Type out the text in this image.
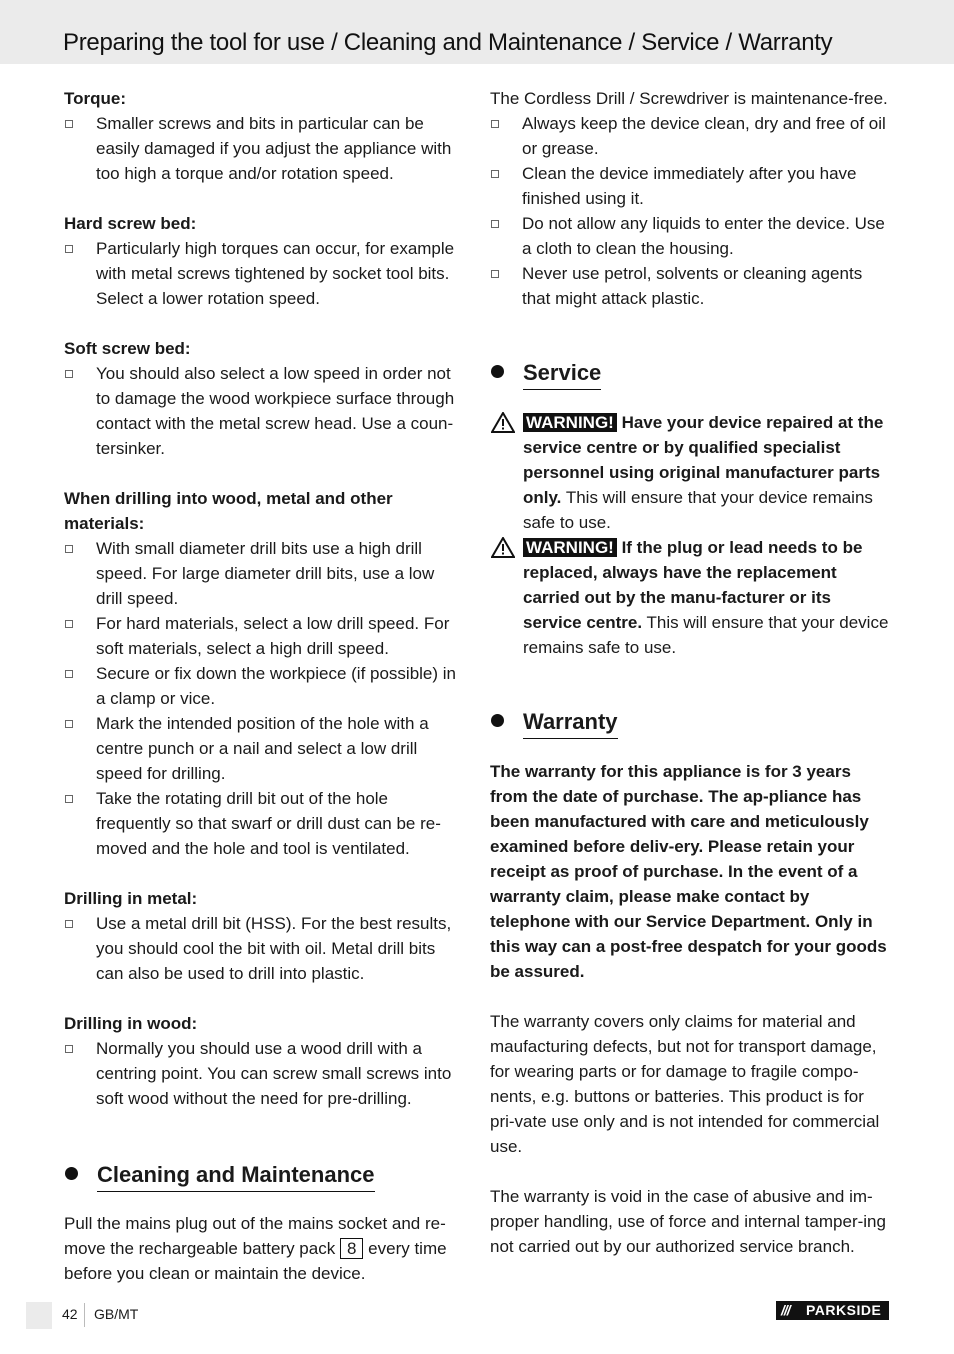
Preparing the tool for use / Cleaning and Maintenance / Service / Warranty

Torque:

Smaller screws and bits in particular can be easily damaged if you adjust the appliance with too high a torque and/or rotation speed.

Hard screw bed:

Particularly high torques can occur, for example with metal screws tightened by socket tool bits. Select a lower rotation speed.

Soft screw bed:

You should also select a low speed in order not to damage the wood workpiece surface through contact with the metal screw head. Use a coun-tersinker.

When drilling into wood, metal and other materials:

With small diameter drill bits use a high drill speed. For large diameter drill bits, use a low drill speed.
For hard materials, select a low drill speed. For soft materials, select a high drill speed.
Secure or fix down the workpiece (if possible) in a clamp or vice.
Mark the intended position of the hole with a centre punch or a nail and select a low drill speed for drilling.
Take the rotating drill bit out of the hole frequently so that swarf or drill dust can be re-moved and the hole and tool is ventilated.

Drilling in metal:

Use a metal drill bit (HSS). For the best results, you should cool the bit with oil. Metal drill bits can also be used to drill into plastic.

Drilling in wood:

Normally you should use a wood drill with a centring point. You can screw small screws into soft wood without the need for pre-drilling.
Cleaning and Maintenance

Pull the mains plug out of the mains socket and re-move the rechargeable battery pack 8 every time before you clean or maintain the device.

The Cordless Drill / Screwdriver is maintenance-free.

Always keep the device clean, dry and free of oil or grease.
Clean the device immediately after you have finished using it.
Do not allow any liquids to enter the device. Use a cloth to clean the housing.
Never use petrol, solvents or cleaning agents that might attack plastic.
Service
WARNING! Have your device repaired at the service centre or by qualified specialist personnel using original manufacturer parts only. This will ensure that your device remains safe to use.
WARNING! If the plug or lead needs to be replaced, always have the replacement carried out by the manu-facturer or its service centre. This will ensure that your device remains safe to use.
Warranty

The warranty for this appliance is for 3 years from the date of purchase. The ap-pliance has been manufactured with care and meticulously examined before deliv-ery. Please retain your receipt as proof of purchase. In the event of a warranty claim, please make contact by telephone with our Service Department. Only in this way can a post-free despatch for your goods be assured.

The warranty covers only claims for material and maufacturing defects, but not for transport damage, for wearing parts or for damage to fragile compo-nents, e.g. buttons or batteries. This product is for pri-vate use only and is not intended for commercial use.

The warranty is void in the case of abusive and im-proper handling, use of force and internal tamper-ing not carried out by our authorized service branch.

42 GB/MT	/// PARKSIDE
